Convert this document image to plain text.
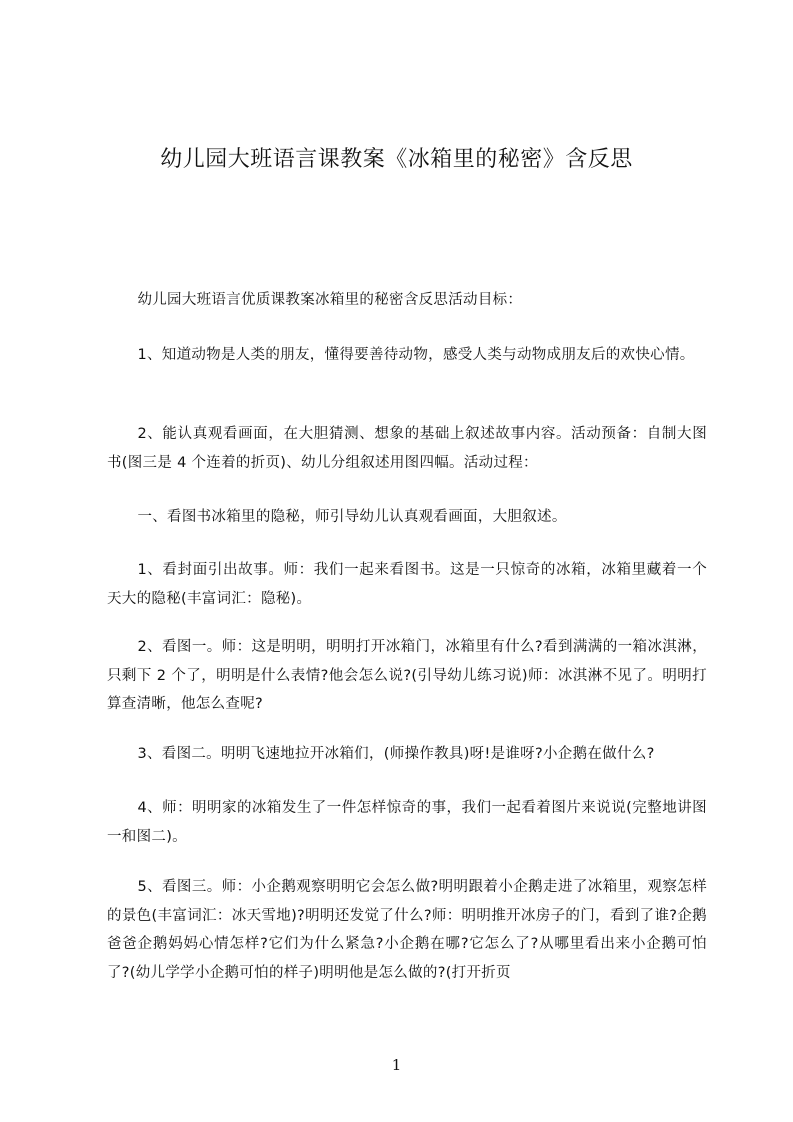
幼儿园大班语言课教案《冰箱里的秘密》含反思

幼儿园大班语言优质课教案冰箱里的秘密含反思活动目标：

1、知道动物是人类的朋友，懂得要善待动物，感受人类与动物成朋友后的欢快心情。

2、能认真观看画面，在大胆猜测、想象的基础上叙述故事内容。活动预备：自制大图书(图三是 4 个连着的折页)、幼儿分组叙述用图四幅。活动过程：

一、看图书冰箱里的隐秘，师引导幼儿认真观看画面，大胆叙述。

1、看封面引出故事。师：我们一起来看图书。这是一只惊奇的冰箱，冰箱里藏着一个天大的隐秘(丰富词汇：隐秘)。

2、看图一。师：这是明明，明明打开冰箱门，冰箱里有什么?看到满满的一箱冰淇淋，只剩下 2 个了，明明是什么表情?他会怎么说?(引导幼儿练习说)师：冰淇淋不见了。明明打算查清晰，他怎么查呢?

3、看图二。明明飞速地拉开冰箱们，(师操作教具)呀!是谁呀?小企鹅在做什么?

4、师：明明家的冰箱发生了一件怎样惊奇的事，我们一起看着图片来说说(完整地讲图一和图二)。

5、看图三。师：小企鹅观察明明它会怎么做?明明跟着小企鹅走进了冰箱里，观察怎样的景色(丰富词汇：冰天雪地)?明明还发觉了什么?师：明明推开冰房子的门，看到了谁?企鹅爸爸企鹅妈妈心情怎样?它们为什么紧急?小企鹅在哪?它怎么了?从哪里看出来小企鹅可怕了?(幼儿学学小企鹅可怕的样子)明明他是怎么做的?(打开折页

1
